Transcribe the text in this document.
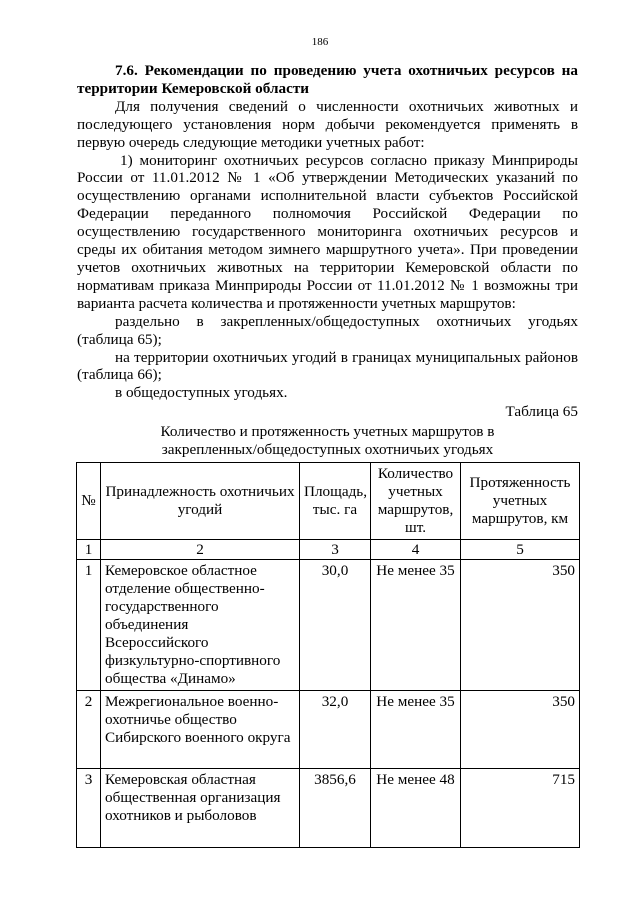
186
7.6. Рекомендации по проведению учета охотничьих ресурсов на территории Кемеровской области
Для получения сведений о численности охотничьих животных и последующего установления норм добычи рекомендуется применять в первую очередь следующие методики учетных работ:
1) мониторинг охотничьих ресурсов согласно приказу Минприроды России от 11.01.2012 № 1 «Об утверждении Методических указаний по осуществлению органами исполнительной власти субъектов Российской Федерации переданного полномочия Российской Федерации по осуществлению государственного мониторинга охотничьих ресурсов и среды их обитания методом зимнего маршрутного учета». При проведении учетов охотничьих животных на территории Кемеровской области по нормативам приказа Минприроды России от 11.01.2012 № 1 возможны три варианта расчета количества и протяженности учетных маршрутов:
раздельно в закрепленных/общедоступных охотничьих угодьях (таблица 65);
на территории охотничьих угодий в границах муниципальных районов (таблица 66);
в общедоступных угодьях.
Таблица 65
Количество и протяженность учетных маршрутов в
закрепленных/общедоступных охотничьих угодьях
№	Принадлежность охотничьих угодий	Площадь, тыс. га	Количество учетных маршрутов, шт.	Протяженность учетных маршрутов, км
1	2	3	4	5
1	Кемеровское областное отделение общественно-государственного объединения Всероссийского физкультурно-спортивного общества «Динамо»	30,0	Не менее 35	350
2	Межрегиональное военно-охотничье общество Сибирского военного округа	32,0	Не менее 35	350
3	Кемеровская областная общественная организация охотников и рыболовов	3856,6	Не менее 48	715
